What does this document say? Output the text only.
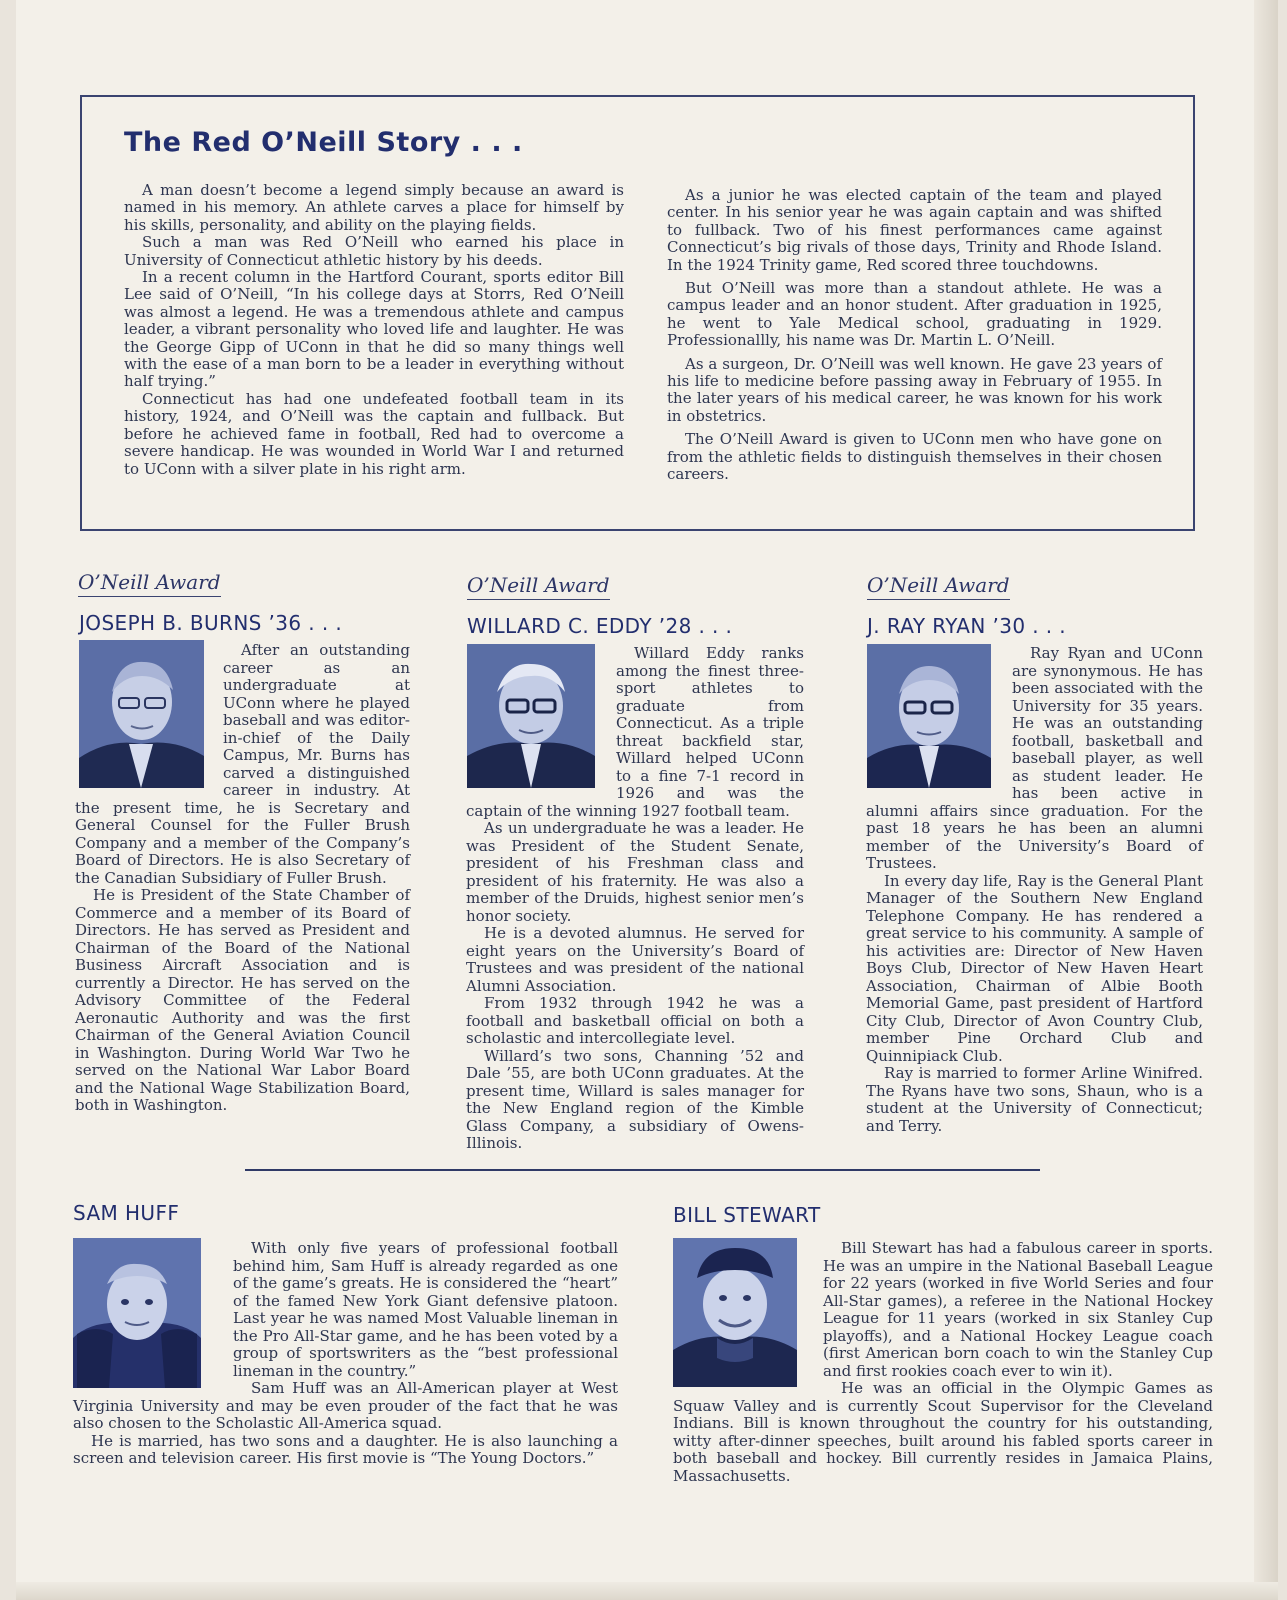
The Red O’Neill Story . . .

A man doesn’t become a legend simply because an award is named in his memory. An athlete carves a place for himself by his skills, personality, and ability on the playing fields.

Such a man was Red O’Neill who earned his place in University of Connecticut athletic history by his deeds.

In a recent column in the Hartford Courant, sports editor Bill Lee said of O’Neill, “In his college days at Storrs, Red O’Neill was almost a legend. He was a tremendous athlete and campus leader, a vibrant personality who loved life and laughter. He was the George Gipp of UConn in that he did so many things well with the ease of a man born to be a leader in everything without half trying.”

Connecticut has had one undefeated football team in its history, 1924, and O’Neill was the captain and fullback. But before he achieved fame in football, Red had to overcome a severe handicap. He was wounded in World War I and returned to UConn with a silver plate in his right arm.

As a junior he was elected captain of the team and played center. In his senior year he was again captain and was shifted to fullback. Two of his finest performances came against Connecticut’s big rivals of those days, Trinity and Rhode Island. In the 1924 Trinity game, Red scored three touchdowns.

But O’Neill was more than a standout athlete. He was a campus leader and an honor student. After graduation in 1925, he went to Yale Medical school, graduating in 1929. Professionallly, his name was Dr. Martin L. O’Neill.

As a surgeon, Dr. O’Neill was well known. He gave 23 years of his life to medicine before passing away in February of 1955. In the later years of his medical career, he was known for his work in obstetrics.

The O’Neill Award is given to UConn men who have gone on from the athletic fields to distinguish themselves in their chosen careers.

O’Neill Award
JOSEPH B. BURNS ’36 . . .

After an outstanding career as an undergraduate at UConn where he played baseball and was editor-in-chief of the Daily Campus, Mr. Burns has carved a distinguished career in industry. At the present time, he is Secretary and General Counsel for the Fuller Brush Company and a member of the Company’s Board of Directors. He is also Secretary of the Canadian Subsidiary of Fuller Brush.

He is President of the State Chamber of Commerce and a member of its Board of Directors. He has served as President and Chairman of the Board of the National Business Aircraft Association and is currently a Director. He has served on the Advisory Committee of the Federal Aeronautic Authority and was the first Chairman of the General Aviation Council in Washington. During World War Two he served on the National War Labor Board and the National Wage Stabilization Board, both in Washington.

O’Neill Award
WILLARD C. EDDY ’28 . . .

Willard Eddy ranks among the finest three-sport athletes to graduate from Connecticut. As a triple threat backfield star, Willard helped UConn to a fine 7-1 record in 1926 and was the captain of the winning 1927 football team.

As un undergraduate he was a leader. He was President of the Student Senate, president of his Freshman class and president of his fraternity. He was also a member of the Druids, highest senior men’s honor society.

He is a devoted alumnus. He served for eight years on the University’s Board of Trustees and was president of the national Alumni Association.

From 1932 through 1942 he was a football and basketball official on both a scholastic and intercollegiate level.

Willard’s two sons, Channing ’52 and Dale ’55, are both UConn graduates. At the present time, Willard is sales manager for the New England region of the Kimble Glass Company, a subsidiary of Owens-Illinois.

O’Neill Award
J. RAY RYAN ’30 . . .

Ray Ryan and UConn are synonymous. He has been associated with the University for 35 years. He was an outstanding football, basketball and baseball player, as well as student leader. He has been active in alumni affairs since graduation. For the past 18 years he has been an alumni member of the University’s Board of Trustees.

In every day life, Ray is the General Plant Manager of the Southern New England Telephone Company. He has rendered a great service to his community. A sample of his activities are: Director of New Haven Boys Club, Director of New Haven Heart Association, Chairman of Albie Booth Memorial Game, past president of Hartford City Club, Director of Avon Country Club, member Pine Orchard Club and Quinnipiack Club.

Ray is married to former Arline Winifred. The Ryans have two sons, Shaun, who is a student at the University of Connecticut; and Terry.

SAM HUFF

With only five years of professional football behind him, Sam Huff is already regarded as one of the game’s greats. He is considered the “heart” of the famed New York Giant defensive platoon. Last year he was named Most Valuable lineman in the Pro All-Star game, and he has been voted by a group of sportswriters as the “best professional lineman in the country.”

Sam Huff was an All-American player at West Virginia University and may be even prouder of the fact that he was also chosen to the Scholastic All-America squad.

He is married, has two sons and a daughter. He is also launching a screen and television career. His first movie is “The Young Doctors.”

BILL STEWART

Bill Stewart has had a fabulous career in sports. He was an umpire in the National Baseball League for 22 years (worked in five World Series and four All-Star games), a referee in the National Hockey League for 11 years (worked in six Stanley Cup playoffs), and a National Hockey League coach (first American born coach to win the Stanley Cup and first rookies coach ever to win it).

He was an official in the Olympic Games as Squaw Valley and is currently Scout Supervisor for the Cleveland Indians. Bill is known throughout the country for his outstanding, witty after-dinner speeches, built around his fabled sports career in both baseball and hockey. Bill currently resides in Jamaica Plains, Massachusetts.
